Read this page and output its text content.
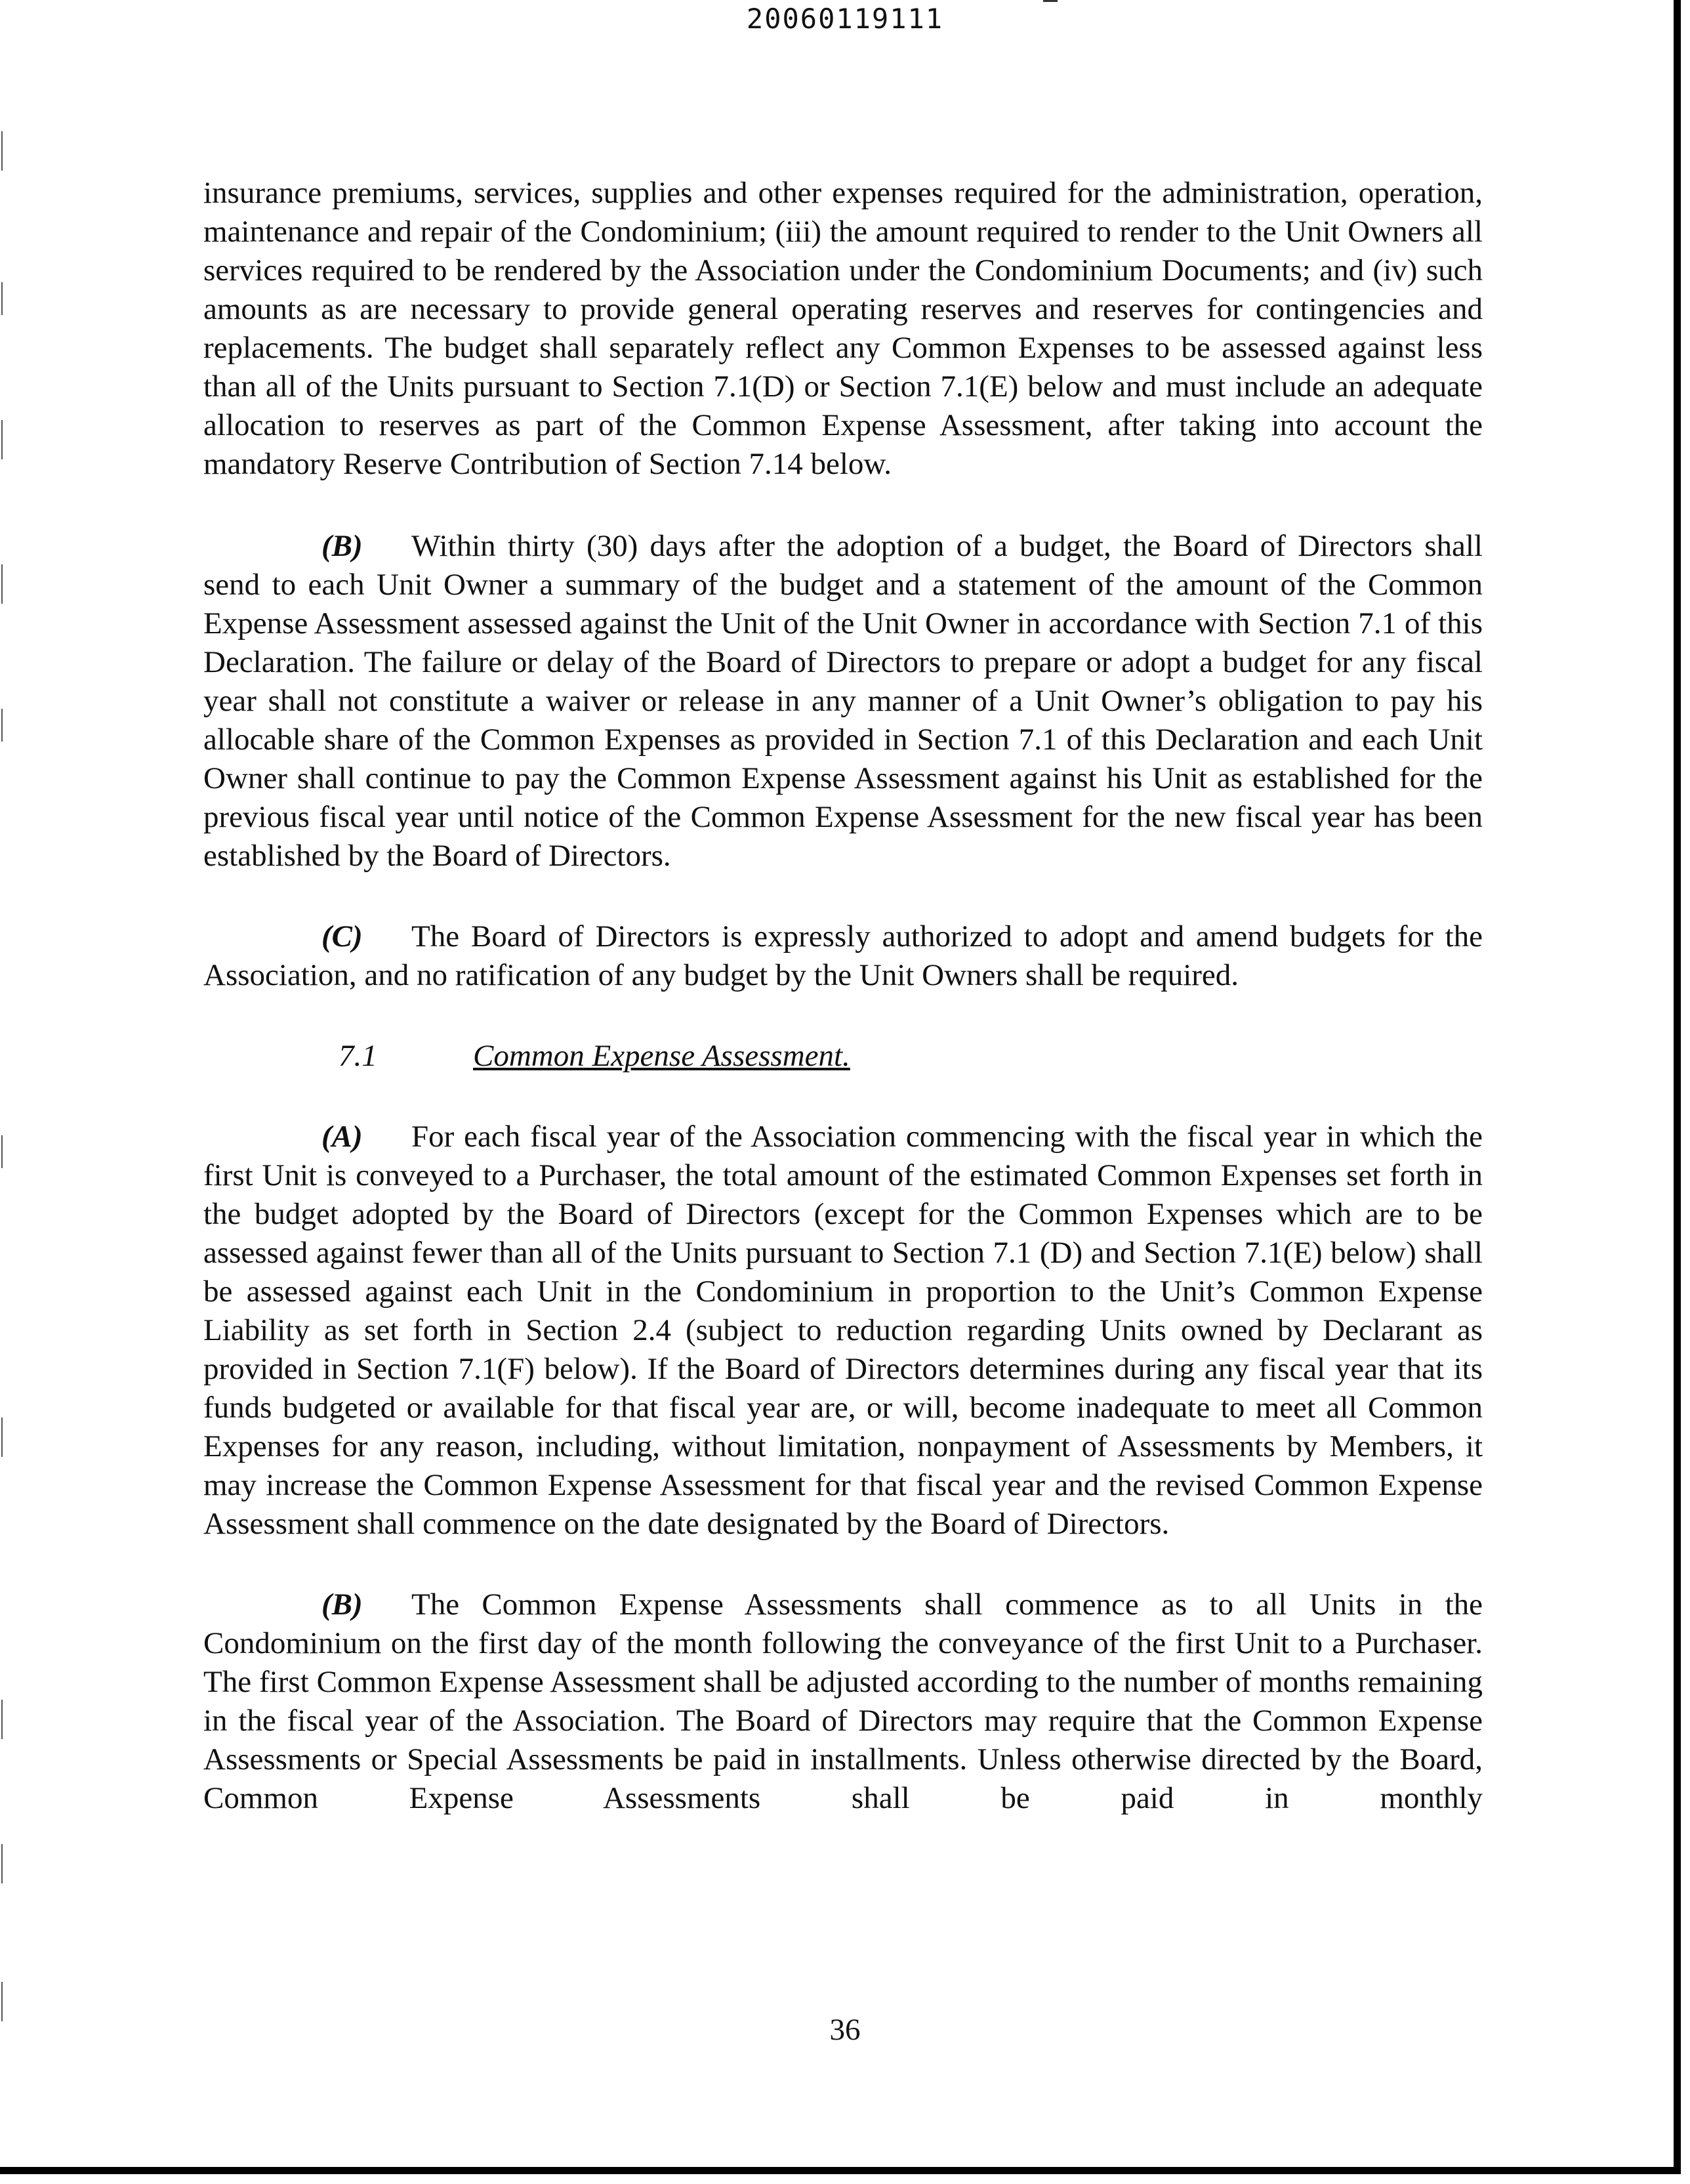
20060119111

insurance premiums, services, supplies and other expenses required for the administration, operation, maintenance and repair of the Condominium; (iii) the amount required to render to the Unit Owners all services required to be rendered by the Association under the Condominium Documents; and (iv) such amounts as are necessary to provide general operating reserves and reserves for contingencies and replacements. The budget shall separately reflect any Common Expenses to be assessed against less than all of the Units pursuant to Section 7.1(D) or Section 7.1(E) below and must include an adequate allocation to reserves as part of the Common Expense Assessment, after taking into account the mandatory Reserve Contribution of Section 7.14 below.

(B) Within thirty (30) days after the adoption of a budget, the Board of Directors shall send to each Unit Owner a summary of the budget and a statement of the amount of the Common Expense Assessment assessed against the Unit of the Unit Owner in accordance with Section 7.1 of this Declaration. The failure or delay of the Board of Directors to prepare or adopt a budget for any fiscal year shall not constitute a waiver or release in any manner of a Unit Owner’s obligation to pay his allocable share of the Common Expenses as provided in Section 7.1 of this Declaration and each Unit Owner shall continue to pay the Common Expense Assessment against his Unit as established for the previous fiscal year until notice of the Common Expense Assessment for the new fiscal year has been established by the Board of Directors.

(C) The Board of Directors is expressly authorized to adopt and amend budgets for the Association, and no ratification of any budget by the Unit Owners shall be required.

7.1	Common Expense Assessment.

(A) For each fiscal year of the Association commencing with the fiscal year in which the first Unit is conveyed to a Purchaser, the total amount of the estimated Common Expenses set forth in the budget adopted by the Board of Directors (except for the Common Expenses which are to be assessed against fewer than all of the Units pursuant to Section 7.1 (D) and Section 7.1(E) below) shall be assessed against each Unit in the Condominium in proportion to the Unit’s Common Expense Liability as set forth in Section 2.4 (subject to reduction regarding Units owned by Declarant as provided in Section 7.1(F) below). If the Board of Directors determines during any fiscal year that its funds budgeted or available for that fiscal year are, or will, become inadequate to meet all Common Expenses for any reason, including, without limitation, nonpayment of Assessments by Members, it may increase the Common Expense Assessment for that fiscal year and the revised Common Expense Assessment shall commence on the date designated by the Board of Directors.

(B) The Common Expense Assessments shall commence as to all Units in the Condominium on the first day of the month following the conveyance of the first Unit to a Purchaser. The first Common Expense Assessment shall be adjusted according to the number of months remaining in the fiscal year of the Association. The Board of Directors may require that the Common Expense Assessments or Special Assessments be paid in installments. Unless otherwise directed by the Board, Common Expense Assessments shall be paid in monthly

36
